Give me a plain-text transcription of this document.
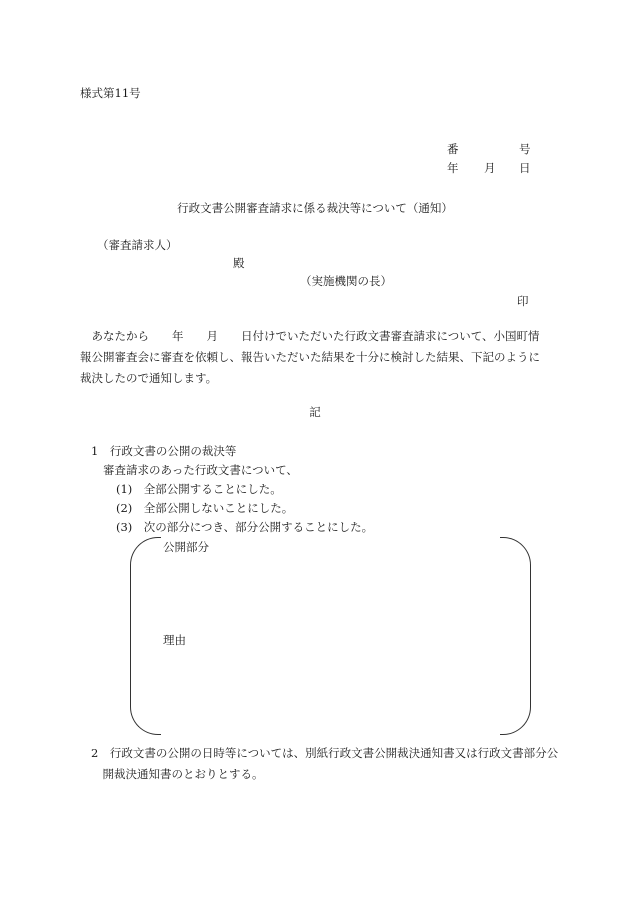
様式第11号
番	号
年 月 日
行政文書公開審査請求に係る裁決等について（通知）
（審査請求人）
殿
（実施機関の長）
印
あなたから　　年　　月　　日付けでいただいた行政文書審査請求について、小国町情報公開審査会に審査を依頼し、報告いただいた結果を十分に検討した結果、下記のように裁決したので通知します。
記
1　行政文書の公開の裁決等
審査請求のあった行政文書について、
(1)　全部公開することにした。
(2)　全部公開しないことにした。
(3)　次の部分につき、部分公開することにした。
公開部分
理由
2　行政文書の公開の日時等については、別紙行政文書公開裁決通知書又は行政文書部分公開裁決通知書のとおりとする。
